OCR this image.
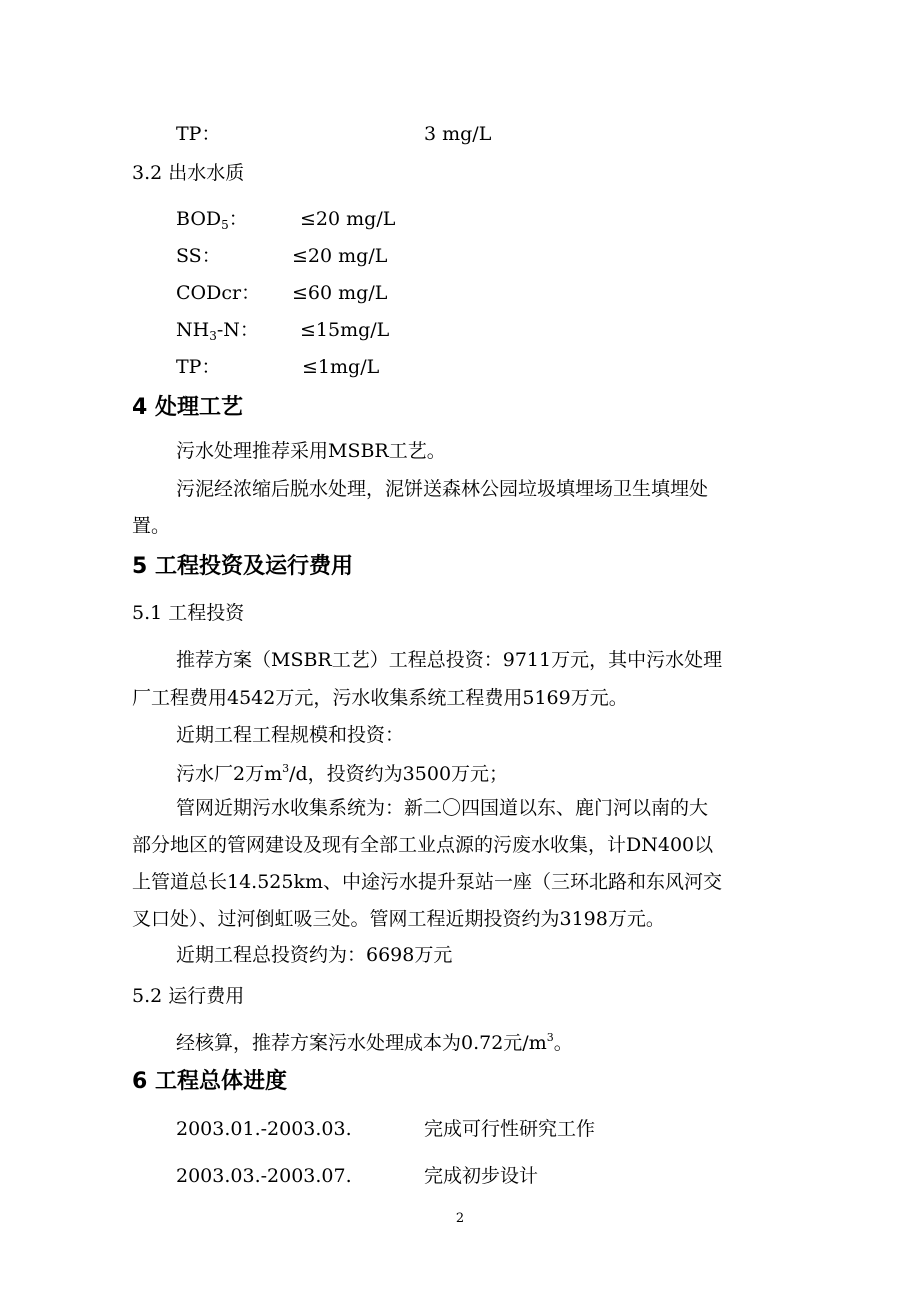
TP：	3 mg/L
3.2 出水水质
$BOD_5$：	≤20 mg/L
SS：	≤20 mg/L
CODcr： ≤60 mg/L
$NH_3-N$： ≤15mg/L
TP：	≤1mg/L
4 处理工艺
污水处理推荐采用MSBR工艺。
污泥经浓缩后脱水处理，泥饼送森林公园垃圾填埋场卫生填埋处
置。
5 工程投资及运行费用
5.1 工程投资
推荐方案（MSBR工艺）工程总投资：9711万元，其中污水处理
厂工程费用4542万元，污水收集系统工程费用5169万元。
近期工程工程规模和投资：
污水厂2万$m^3/d$，投资约为3500万元；
管网近期污水收集系统为：新二〇四国道以东、鹿门河以南的大
部分地区的管网建设及现有全部工业点源的污废水收集，计DN400以
上管道总长14.525km、中途污水提升泵站一座（三环北路和东风河交
叉口处）、过河倒虹吸三处。管网工程近期投资约为3198万元。
近期工程总投资约为：6698万元
5.2 运行费用
经核算，推荐方案污水处理成本为0.72元$/m^3$。
6 工程总体进度
2003.01.-2003.03.	完成可行性研究工作
2003.03.-2003.07.	完成初步设计
2
